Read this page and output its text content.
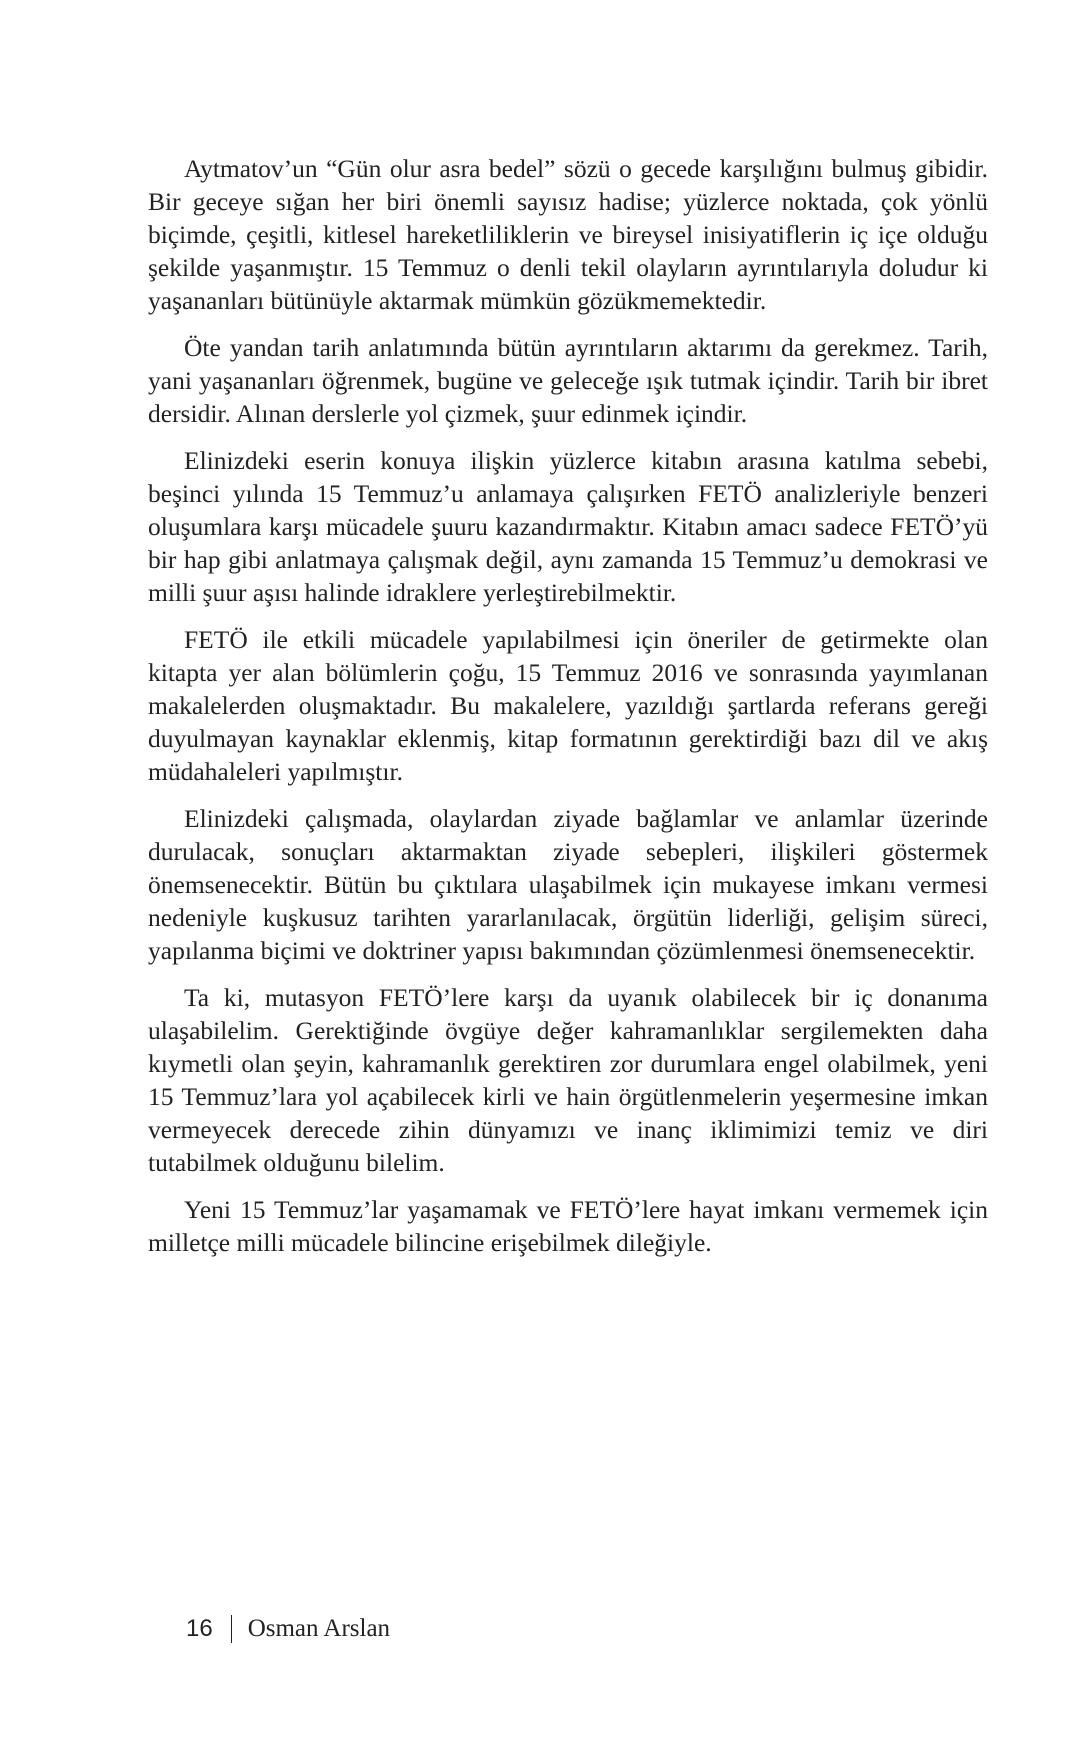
Aytmatov’un “Gün olur asra bedel” sözü o gecede karşılığını bulmuş gibidir. Bir geceye sığan her biri önemli sayısız hadise; yüzlerce noktada, çok yönlü biçimde, çeşitli, kitlesel hareketliliklerin ve bireysel inisiyatiflerin iç içe olduğu şekilde yaşanmıştır. 15 Temmuz o denli tekil olayların ayrıntılarıyla doludur ki yaşananları bütünüyle aktarmak mümkün gözükmemektedir.

Öte yandan tarih anlatımında bütün ayrıntıların aktarımı da gerekmez. Tarih, yani yaşananları öğrenmek, bugüne ve geleceğe ışık tutmak içindir. Tarih bir ibret dersidir. Alınan derslerle yol çizmek, şuur edinmek içindir.

Elinizdeki eserin konuya ilişkin yüzlerce kitabın arasına katılma sebebi, beşinci yılında 15 Temmuz’u anlamaya çalışırken FETÖ analizleriyle benzeri oluşumlara karşı mücadele şuuru kazandırmaktır. Kitabın amacı sadece FETÖ’yü bir hap gibi anlatmaya çalışmak değil, aynı zamanda 15 Temmuz’u demokrasi ve milli şuur aşısı halinde idraklere yerleştirebilmektir.

FETÖ ile etkili mücadele yapılabilmesi için öneriler de getirmekte olan kitapta yer alan bölümlerin çoğu, 15 Temmuz 2016 ve sonrasında yayımlanan makalelerden oluşmaktadır. Bu makalelere, yazıldığı şartlarda referans gereği duyulmayan kaynaklar eklenmiş, kitap formatının gerektirdiği bazı dil ve akış müdahaleleri yapılmıştır.

Elinizdeki çalışmada, olaylardan ziyade bağlamlar ve anlamlar üzerinde durulacak, sonuçları aktarmaktan ziyade sebepleri, ilişkileri göstermek önemsenecektir. Bütün bu çıktılara ulaşabilmek için mukayese imkanı vermesi nedeniyle kuşkusuz tarihten yararlanılacak, örgütün liderliği, gelişim süreci, yapılanma biçimi ve doktriner yapısı bakımından çözümlenmesi önemsenecektir.

Ta ki, mutasyon FETÖ’lere karşı da uyanık olabilecek bir iç donanıma ulaşabilelim. Gerektiğinde övgüye değer kahramanlıklar sergilemekten daha kıymetli olan şeyin, kahramanlık gerektiren zor durumlara engel olabilmek, yeni 15 Temmuz’lara yol açabilecek kirli ve hain örgütlenmelerin yeşermesine imkan vermeyecek derecede zihin dünyamızı ve inanç iklimimizi temiz ve diri tutabilmek olduğunu bilelim.

Yeni 15 Temmuz’lar yaşamamak ve FETÖ’lere hayat imkanı vermemek için milletçe milli mücadele bilincine erişebilmek dileğiyle.

16 Osman Arslan
